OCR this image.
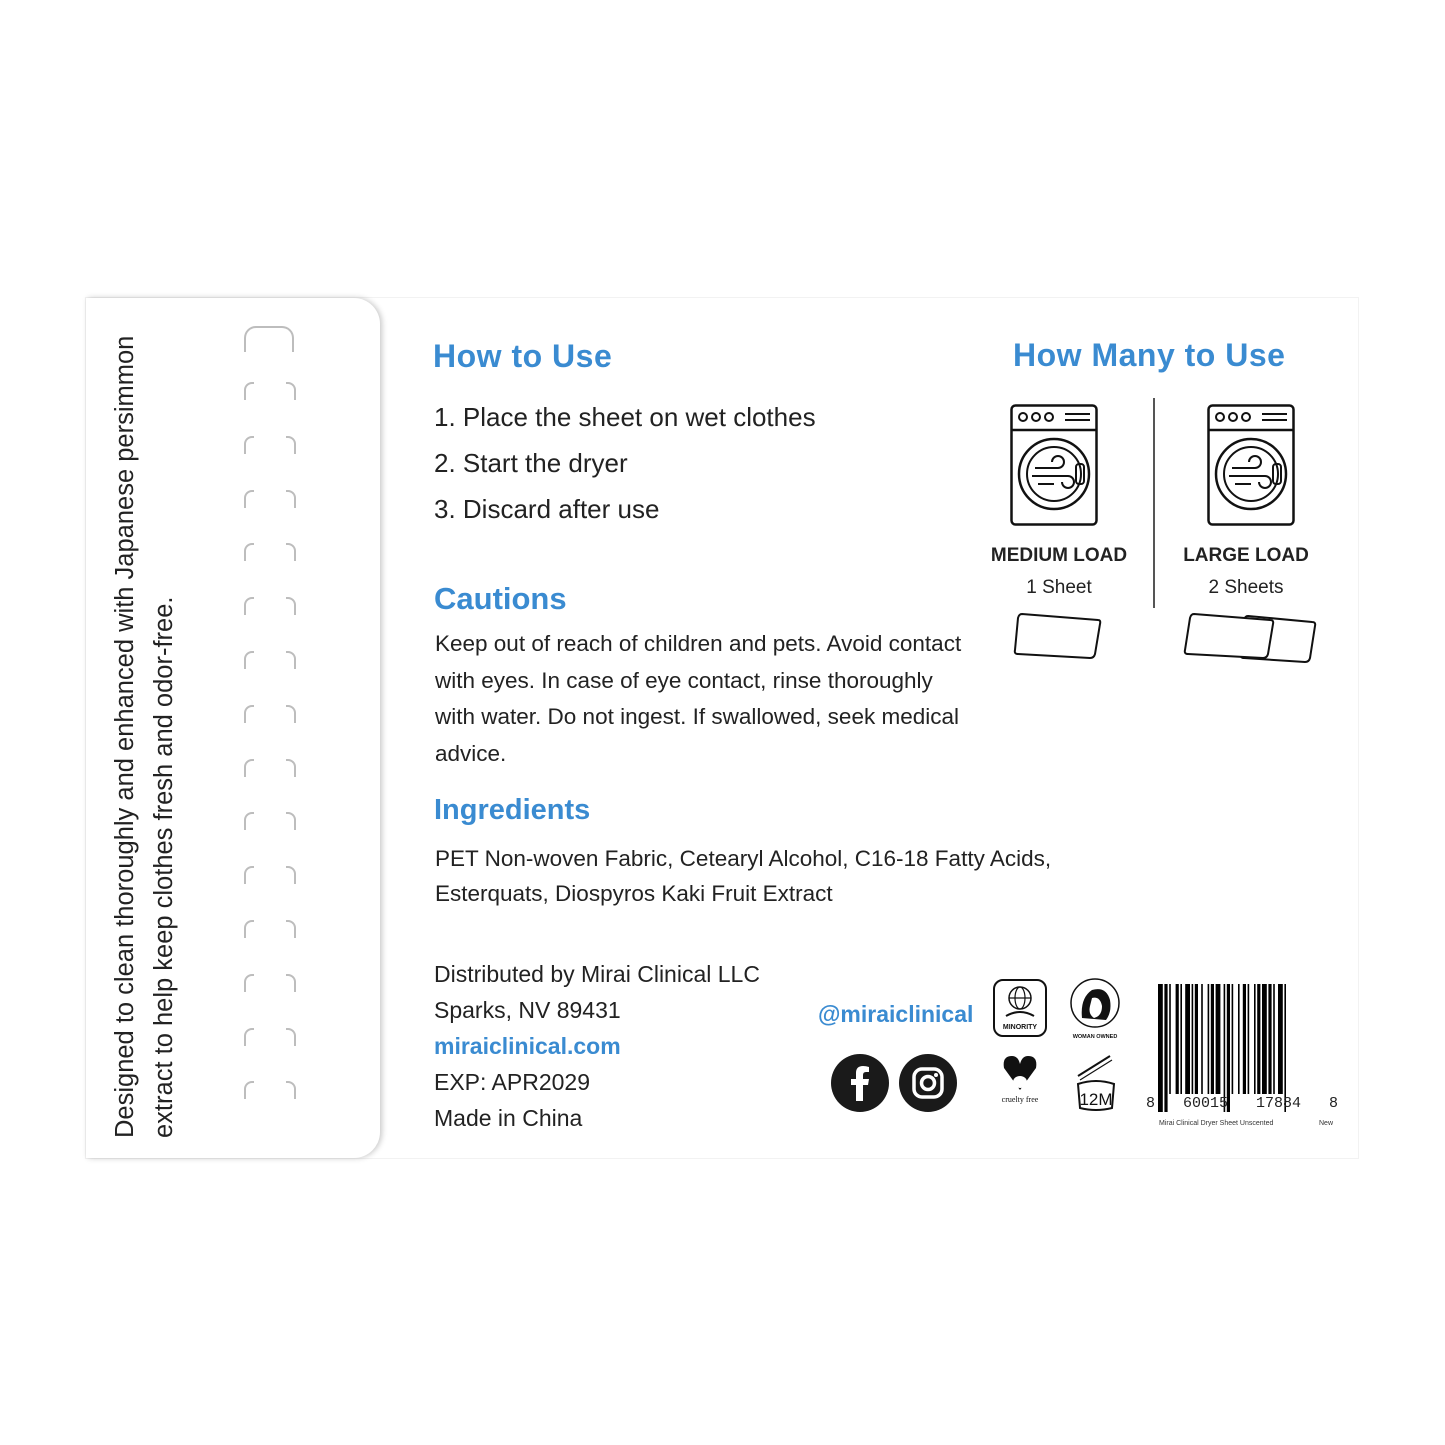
Designed to clean thoroughly and enhanced with Japanese persimmon extract to help keep clothes fresh and odor-free.
How to Use
1. Place the sheet on wet clothes
2. Start the dryer
3. Discard after use
Cautions

Keep out of reach of children and pets. Avoid contact with eyes. In case of eye contact, rinse thoroughly with water. Do not ingest. If swallowed, seek medical advice.

Ingredients

PET Non-woven Fabric, Cetearyl Alcohol, C16-18 Fatty Acids, Esterquats, Diospyros Kaki Fruit Extract

Distributed by Mirai Clinical LLC
Sparks, NV 89431
miraiclinical.com
EXP: APR2029
Made in China
How Many to Use
MEDIUM LOAD
1 Sheet
LARGE LOAD
2 Sheets
@miraiclinical
MINORITY
WOMAN OWNED
cruelty free 12M 8 60015 17884 8
Mirai Clinical Dryer Sheet Unscented	New
